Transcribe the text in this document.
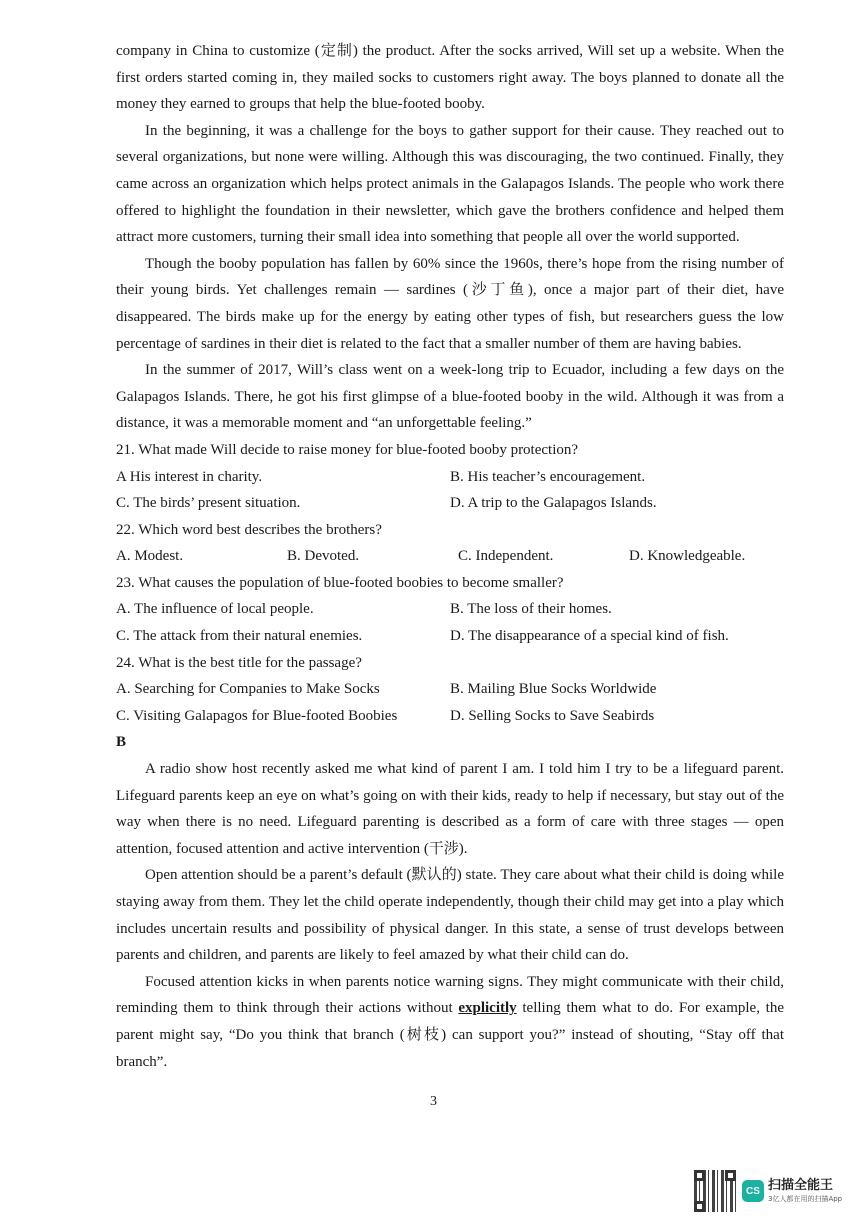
company in China to customize (定制) the product. After the socks arrived, Will set up a website. When the first orders started coming in, they mailed socks to customers right away. The boys planned to donate all the money they earned to groups that help the blue-footed booby.

In the beginning, it was a challenge for the boys to gather support for their cause. They reached out to several organizations, but none were willing. Although this was discouraging, the two continued. Finally, they came across an organization which helps protect animals in the Galapagos Islands. The people who work there offered to highlight the foundation in their newsletter, which gave the brothers confidence and helped them attract more customers, turning their small idea into something that people all over the world supported.

Though the booby population has fallen by 60% since the 1960s, there’s hope from the rising number of their young birds. Yet challenges remain — sardines (沙丁鱼), once a major part of their diet, have disappeared. The birds make up for the energy by eating other types of fish, but researchers guess the low percentage of sardines in their diet is related to the fact that a smaller number of them are having babies.

In the summer of 2017, Will’s class went on a week-long trip to Ecuador, including a few days on the Galapagos Islands. There, he got his first glimpse of a blue-footed booby in the wild. Although it was from a distance, it was a memorable moment and “an unforgettable feeling.”

21. What made Will decide to raise money for blue-footed booby protection?

A His interest in charity.	B. His teacher’s encouragement.
C. The birds’ present situation.	D. A trip to the Galapagos Islands.

22. Which word best describes the brothers?

A. Modest.	B. Devoted.	C. Independent.	D. Knowledgeable.

23. What causes the population of blue-footed boobies to become smaller?

A. The influence of local people.	B. The loss of their homes.
C. The attack from their natural enemies.	D. The disappearance of a special kind of fish.

24. What is the best title for the passage?

A. Searching for Companies to Make Socks	B. Mailing Blue Socks Worldwide
C. Visiting Galapagos for Blue-footed Boobies	D. Selling Socks to Save Seabirds

B

A radio show host recently asked me what kind of parent I am. I told him I try to be a lifeguard parent. Lifeguard parents keep an eye on what’s going on with their kids, ready to help if necessary, but stay out of the way when there is no need. Lifeguard parenting is described as a form of care with three stages — open attention, focused attention and active intervention (干涉).

Open attention should be a parent’s default (默认的) state. They care about what their child is doing while staying away from them. They let the child operate independently, though their child may get into a play which includes uncertain results and possibility of physical danger. In this state, a sense of trust develops between parents and children, and parents are likely to feel amazed by what their child can do.

Focused attention kicks in when parents notice warning signs. They might communicate with their child, reminding them to think through their actions without explicitly telling them what to do. For example, the parent might say, “Do you think that branch (树枝) can support you?” instead of shouting, “Stay off that branch”.

3
CS 扫描全能王
3亿人都在用的扫描App
